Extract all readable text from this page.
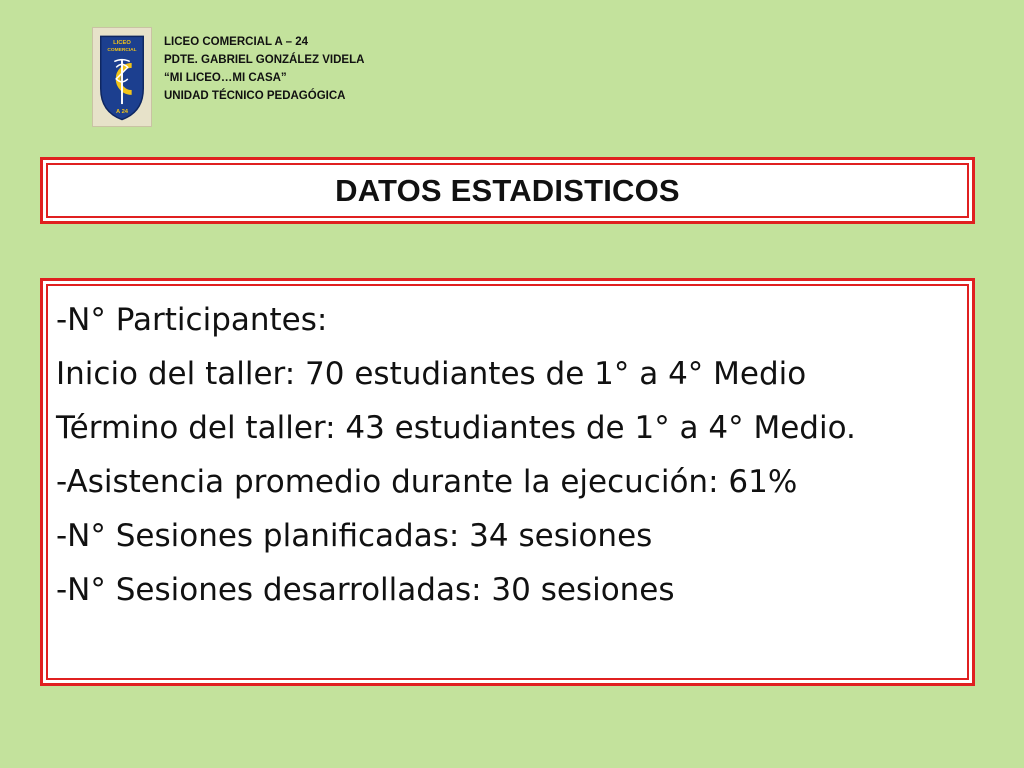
LICEO
COMERCIAL
A 24
LICEO COMERCIAL A – 24
PDTE. GABRIEL GONZÁLEZ VIDELA
“MI LICEO…MI CASA”
UNIDAD TÉCNICO PEDAGÓGICA
DATOS ESTADISTICOS
-N° Participantes:
Inicio del taller: 70 estudiantes de 1° a 4° Medio
Término del taller: 43 estudiantes de 1° a 4° Medio.
-Asistencia promedio durante la ejecución: 61%
-N° Sesiones planificadas: 34 sesiones
-N° Sesiones desarrolladas: 30 sesiones
